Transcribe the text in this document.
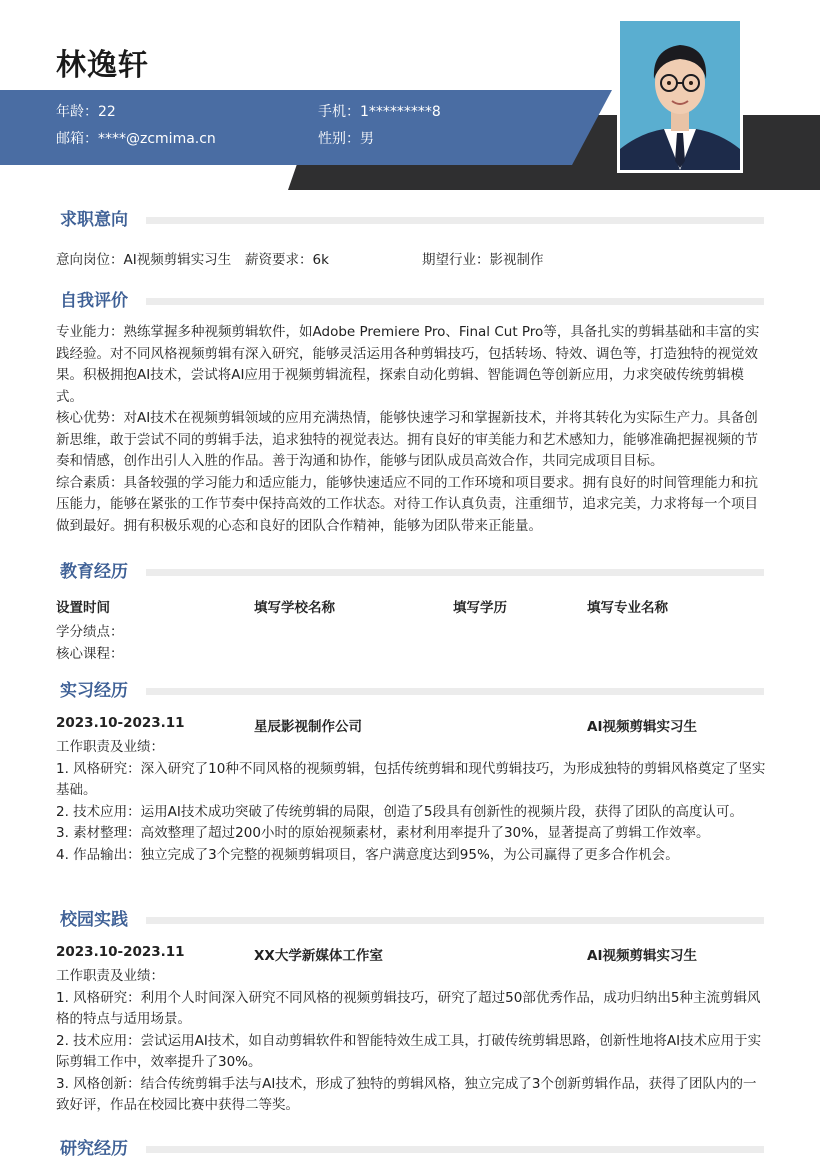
林逸轩
年龄：22	手机：1*********8
邮箱：****@zcmima.cn	性别：男
求职意向
意向岗位：AI视频剪辑实习生 薪资要求：6k	期望行业：影视制作
自我评价
专业能力：熟练掌握多种视频剪辑软件，如Adobe Premiere Pro、Final Cut Pro等，具备扎实的剪辑基础和丰富的实践经验。对不同风格视频剪辑有深入研究，能够灵活运用各种剪辑技巧，包括转场、特效、调色等，打造独特的视觉效果。积极拥抱AI技术，尝试将AI应用于视频剪辑流程，探索自动化剪辑、智能调色等创新应用，力求突破传统剪辑模式。
核心优势：对AI技术在视频剪辑领域的应用充满热情，能够快速学习和掌握新技术，并将其转化为实际生产力。具备创新思维，敢于尝试不同的剪辑手法，追求独特的视觉表达。拥有良好的审美能力和艺术感知力，能够准确把握视频的节奏和情感，创作出引人入胜的作品。善于沟通和协作，能够与团队成员高效合作，共同完成项目目标。
综合素质：具备较强的学习能力和适应能力，能够快速适应不同的工作环境和项目要求。拥有良好的时间管理能力和抗压能力，能够在紧张的工作节奏中保持高效的工作状态。对待工作认真负责，注重细节，追求完美，力求将每一个项目做到最好。拥有积极乐观的心态和良好的团队合作精神，能够为团队带来正能量。
教育经历
设置时间	填写学校名称	填写学历	填写专业名称
学分绩点：
核心课程：
实习经历
2023.10-2023.11	星辰影视制作公司	AI视频剪辑实习生
工作职责及业绩：
1. 风格研究：深入研究了10种不同风格的视频剪辑，包括传统剪辑和现代剪辑技巧，为形成独特的剪辑风格奠定了坚实基础。
2. 技术应用：运用AI技术成功突破了传统剪辑的局限，创造了5段具有创新性的视频片段，获得了团队的高度认可。
3. 素材整理：高效整理了超过200小时的原始视频素材，素材利用率提升了30%，显著提高了剪辑工作效率。
4. 作品输出：独立完成了3个完整的视频剪辑项目，客户满意度达到95%，为公司赢得了更多合作机会。
校园实践
2023.10-2023.11	XX大学新媒体工作室	AI视频剪辑实习生
工作职责及业绩：
1. 风格研究：利用个人时间深入研究不同风格的视频剪辑技巧，研究了超过50部优秀作品，成功归纳出5种主流剪辑风格的特点与适用场景。
2. 技术应用：尝试运用AI技术，如自动剪辑软件和智能特效生成工具，打破传统剪辑思路，创新性地将AI技术应用于实际剪辑工作中，效率提升了30%。
3. 风格创新：结合传统剪辑手法与AI技术，形成了独特的剪辑风格，独立完成了3个创新剪辑作品，获得了团队内的一致好评，作品在校园比赛中获得二等奖。
研究经历
